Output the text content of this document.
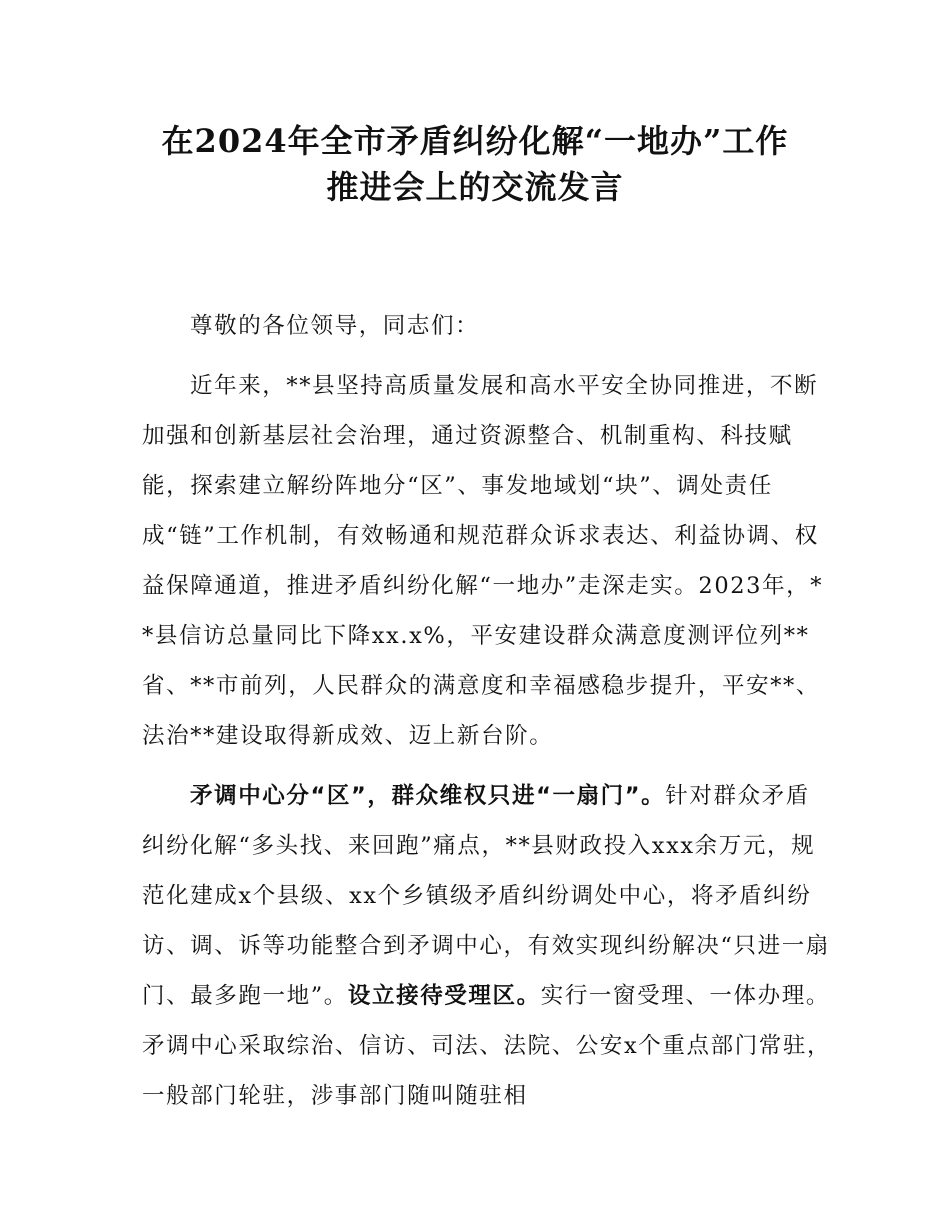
在2024年全市矛盾纠纷化解“一地办”工作
推进会上的交流发言

尊敬的各位领导，同志们：

近年来，**县坚持高质量发展和高水平安全协同推进，不断加强和创新基层社会治理，通过资源整合、机制重构、科技赋能，探索建立解纷阵地分“区”、事发地域划“块”、调处责任成“链”工作机制，有效畅通和规范群众诉求表达、利益协调、权益保障通道，推进矛盾纠纷化解“一地办”走深走实。2023年，**县信访总量同比下降xx.x%，平安建设群众满意度测评位列**省、**市前列，人民群众的满意度和幸福感稳步提升，平安**、法治**建设取得新成效、迈上新台阶。

矛调中心分“区”，群众维权只进“一扇门”。针对群众矛盾纠纷化解“多头找、来回跑”痛点，**县财政投入xxx余万元，规范化建成x个县级、xx个乡镇级矛盾纠纷调处中心，将矛盾纠纷访、调、诉等功能整合到矛调中心，有效实现纠纷解决“只进一扇门、最多跑一地”。设立接待受理区。实行一窗受理、一体办理。矛调中心采取综治、信访、司法、法院、公安x个重点部门常驻，一般部门轮驻，涉事部门随叫随驻相
